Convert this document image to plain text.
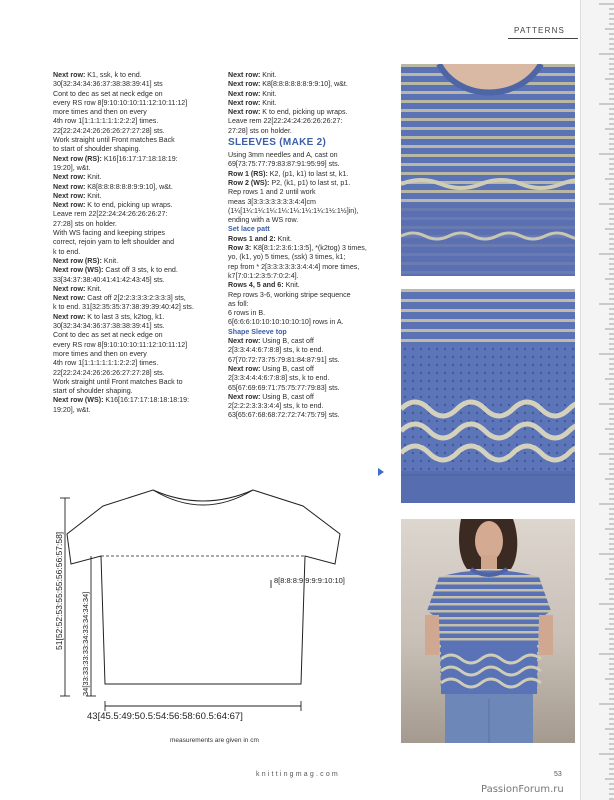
PATTERNS
Next row: K1, ssk, k to end.
30[32:34:34:36:37:38:38:39:41] sts
Cont to dec as set at neck edge on
every RS row 8[9:10:10:10:11:12:10:11:12]
more times and then on every
4th row 1[1:1:1:1:1:1:2:2:2] times.
22[22:24:24:26:26:26:27:27:28] sts.
Work straight until Front matches Back
to start of shoulder shaping.
Next row (RS): K16[16:17:17:18:18:19:
19:20], w&t.
Next row: Knit.
Next row: K8[8:8:8:8:8:8:9:9:10], w&t.
Next row: Knit.
Next row: K to end, picking up wraps.
Leave rem 22[22:24:24:26:26:26:27:
27:28] sts on holder.
With WS facing and keeping stripes
correct, rejoin yarn to left shoulder and
k to end.
Next row (RS): Knit.
Next row (WS): Cast off 3 sts, k to end.
33[34:37:38:40:41:41:42:43:45] sts.
Next row: Knit.
Next row: Cast off 2[2:2:3:3:3:2:3:3:3] sts,
k to end. 31[32:35:35:37:38:39:39:40:42] sts.
Next row: K to last 3 sts, k2tog, k1.
30[32:34:34:36:37:38:38:39:41] sts.
Cont to dec as set at neck edge on
every RS row 8[9:10:10:10:11:12:10:11:12]
more times and then on every
4th row 1[1:1:1:1:1:1:2:2:2] times.
22[22:24:24:26:26:26:27:27:28] sts.
Work straight until Front matches Back to
start of shoulder shaping.
Next row (WS): K16[16:17:17:18:18:18:19:
19:20], w&t.
Next row: Knit.
Next row: K8[8:8:8:8:8:8:9:9:10], w&t.
Next row: Knit.
Next row: Knit.
Next row: K to end, picking up wraps.
Leave rem 22[22:24:24:26:26:26:27:
27:28] sts on holder.
SLEEVES (MAKE 2)
Using 3mm needles and A, cast on
69[73:75:77:79:83:87:91:95:99] sts.
Row 1 (RS): K2, (p1, k1) to last st, k1.
Row 2 (WS): P2, (k1, p1) to last st, p1.
Rep rows 1 and 2 until work
meas 3[3:3:3:3:3:3:3:4:4]cm
(1¼[1¼:1¼:1¼:1¼:1¼:1¼:1¼:1½:1½]in),
ending with a WS row.
Set lace patt
Rows 1 and 2: Knit.
Row 3: K8[8:1:2:3:6:1:3:5], *(k2tog) 3 times,
yo, (k1, yo) 5 times, (ssk) 3 times, k1;
rep from * 2[3:3:3:3:3:3:4:4:4] more times,
k7[7:0:1:2:3:5:7:0:2:4].
Rows 4, 5 and 6: Knit.
Rep rows 3-6, working stripe sequence
as foll:
6 rows in B.
6[6:6:6:10:10:10:10:10:10] rows in A.
Shape Sleeve top
Next row: Using B, cast off
2[3:3:4:4:6:7:8:8] sts, k to end.
67[70:72:73:75:79:81:84:87:91] sts.
Next row: Using B, cast off
2[3:3:4:4:4:6:7:8:8] sts, k to end.
65[67:69:69:71:75:75:77:79:83] sts.
Next row: Using B, cast off
2[2:2:2:3:3:3:4:4] sts, k to end.
63[65:67:68:68:72:72:74:75:79] sts.
51[52:52:53:55:55:56:56:57:58] 34[33:33:33:33:34:33:34:34:34]
43[45.5:49:50.5:54:56:58:60.5:64:67]
8[8:8:8:9:9:9:9:10:10]
measurements are given in cm
knittingmag.com	53
PassionForum.ru
